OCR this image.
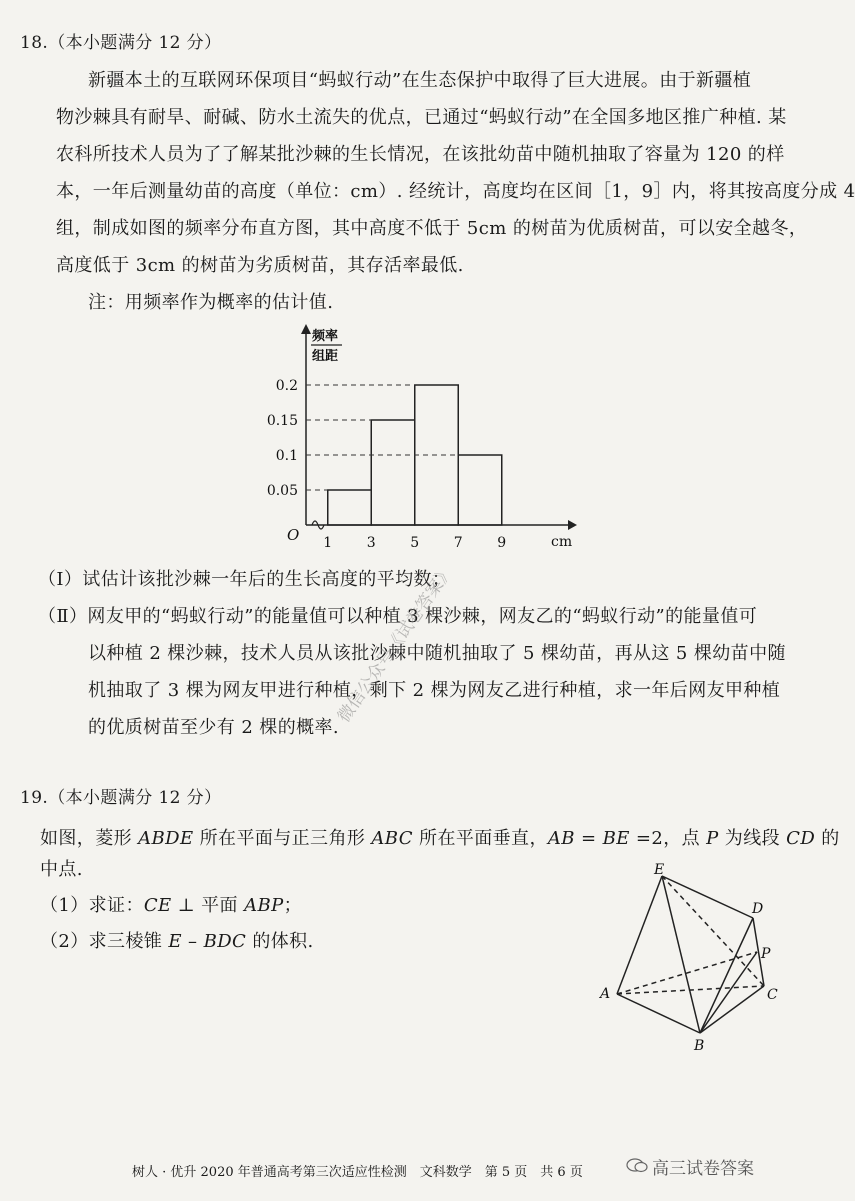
18.（本小题满分 12 分）
新疆本土的互联网环保项目“蚂蚁行动”在生态保护中取得了巨大进展。由于新疆植
物沙棘具有耐旱、耐碱、防水土流失的优点，已通过“蚂蚁行动”在全国多地区推广种植. 某
农科所技术人员为了了解某批沙棘的生长情况，在该批幼苗中随机抽取了容量为 120 的样
本，一年后测量幼苗的高度（单位：cm）. 经统计，高度均在区间［1，9］内，将其按高度分成 4
组，制成如图的频率分布直方图，其中高度不低于 5cm 的树苗为优质树苗，可以安全越冬，
高度低于 3cm 的树苗为劣质树苗，其存活率最低.
注：用频率作为概率的估计值.
0.05
0.1
0.15
0.2
1 3 5 7 9
O	cm
频率
组距
（Ⅰ）试估计该批沙棘一年后的生长高度的平均数；
（Ⅱ）网友甲的“蚂蚁行动”的能量值可以种植 3 棵沙棘，网友乙的“蚂蚁行动”的能量值可
以种植 2 棵沙棘，技术人员从该批沙棘中随机抽取了 5 棵幼苗，再从这 5 棵幼苗中随
机抽取了 3 棵为网友甲进行种植，剩下 2 棵为网友乙进行种植，求一年后网友甲种植
的优质树苗至少有 2 棵的概率.
19.（本小题满分 12 分）
如图，菱形 ABDE 所在平面与正三角形 ABC 所在平面垂直，AB = BE =2，点 P 为线段 CD 的
中点.
（1）求证：CE ⊥ 平面 ABP；
（2）求三棱锥 E – BDC 的体积.
E
D
P
A	C
B
微信公众号《试卷答案》
树人 · 优升 2020 年普通高考第三次适应性检测　文科数学　第 5 页　共 6 页	高三试卷答案
